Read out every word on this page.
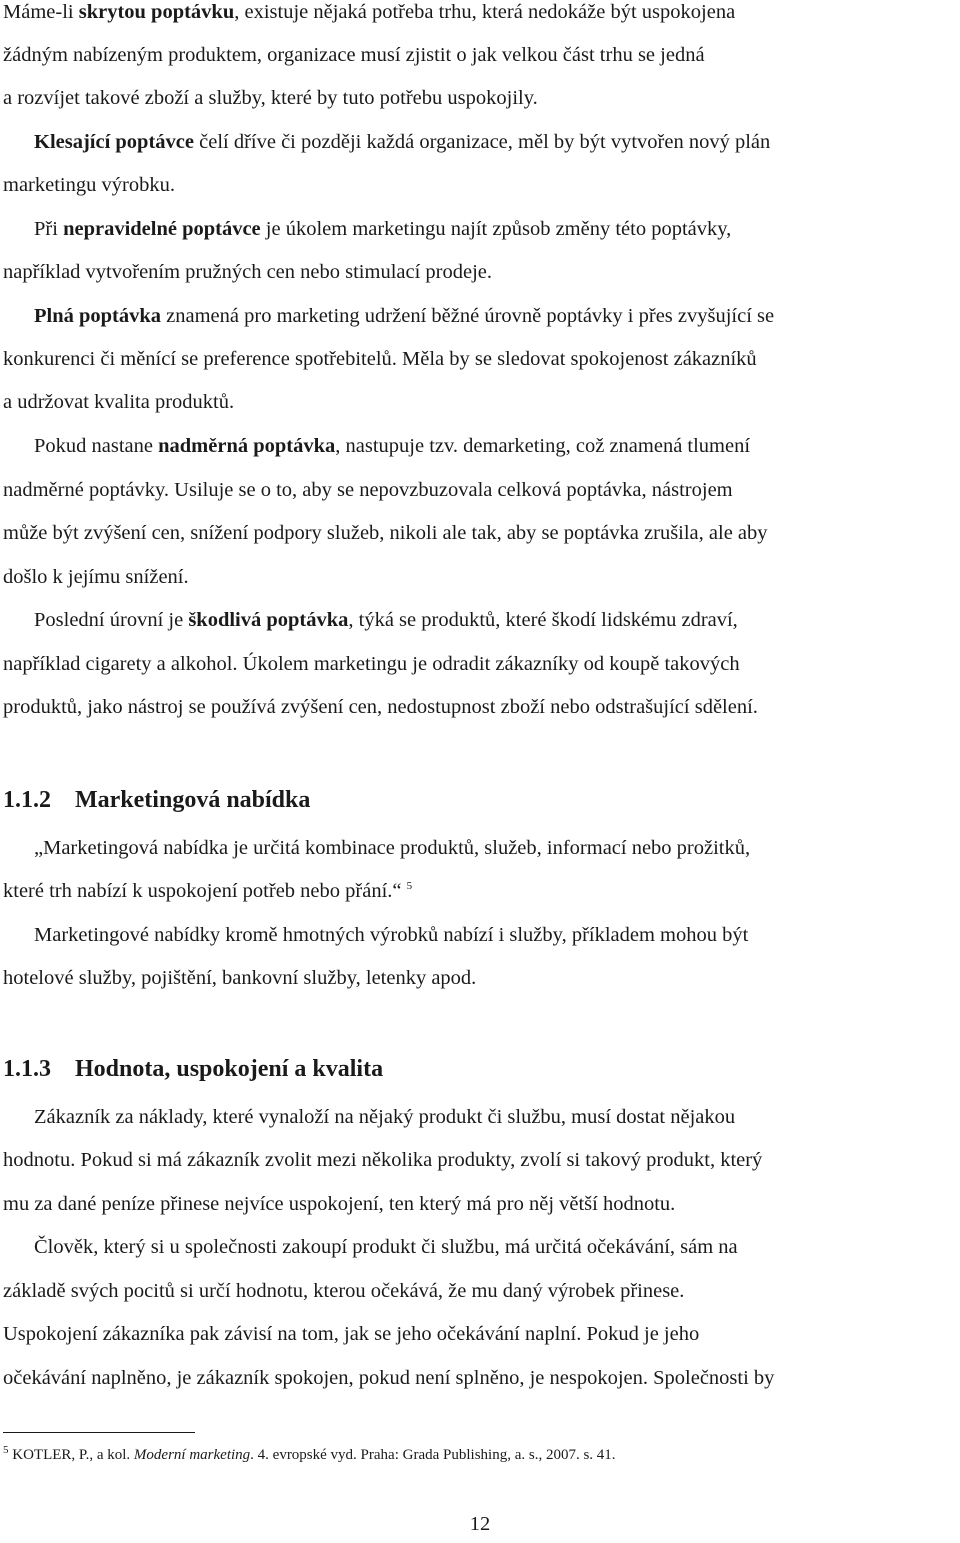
Máme-li skrytou poptávku, existuje nějaká potřeba trhu, která nedokáže být uspokojena
žádným nabízeným produktem, organizace musí zjistit o jak velkou část trhu se jedná
a rozvíjet takové zboží a služby, které by tuto potřebu uspokojily.
Klesající poptávce čelí dříve či později každá organizace, měl by být vytvořen nový plán
marketingu výrobku.
Při nepravidelné poptávce je úkolem marketingu najít způsob změny této poptávky,
například vytvořením pružných cen nebo stimulací prodeje.
Plná poptávka znamená pro marketing udržení běžné úrovně poptávky i přes zvyšující se
konkurenci či měnící se preference spotřebitelů. Měla by se sledovat spokojenost zákazníků
a udržovat kvalita produktů.
Pokud nastane nadměrná poptávka, nastupuje tzv. demarketing, což znamená tlumení
nadměrné poptávky. Usiluje se o to, aby se nepovzbuzovala celková poptávka, nástrojem
může být zvýšení cen, snížení podpory služeb, nikoli ale tak, aby se poptávka zrušila, ale aby
došlo k jejímu snížení.
Poslední úrovní je škodlivá poptávka, týká se produktů, které škodí lidskému zdraví,
například cigarety a alkohol. Úkolem marketingu je odradit zákazníky od koupě takových
produktů, jako nástroj se používá zvýšení cen, nedostupnost zboží nebo odstrašující sdělení.
1.1.2 Marketingová nabídka
„Marketingová nabídka je určitá kombinace produktů, služeb, informací nebo prožitků,
které trh nabízí k uspokojení potřeb nebo přání.“ $^5$
Marketingové nabídky kromě hmotných výrobků nabízí i služby, příkladem mohou být
hotelové služby, pojištění, bankovní služby, letenky apod.
1.1.3 Hodnota, uspokojení a kvalita
Zákazník za náklady, které vynaloží na nějaký produkt či službu, musí dostat nějakou
hodnotu. Pokud si má zákazník zvolit mezi několika produkty, zvolí si takový produkt, který
mu za dané peníze přinese nejvíce uspokojení, ten který má pro něj větší hodnotu.
Člověk, který si u společnosti zakoupí produkt či službu, má určitá očekávání, sám na
základě svých pocitů si určí hodnotu, kterou očekává, že mu daný výrobek přinese.
Uspokojení zákazníka pak závisí na tom, jak se jeho očekávání naplní. Pokud je jeho
očekávání naplněno, je zákazník spokojen, pokud není splněno, je nespokojen. Společnosti by
$^5$ KOTLER, P., a kol. Moderní marketing. 4. evropské vyd. Praha: Grada Publishing, a. s., 2007. s. 41.
12
